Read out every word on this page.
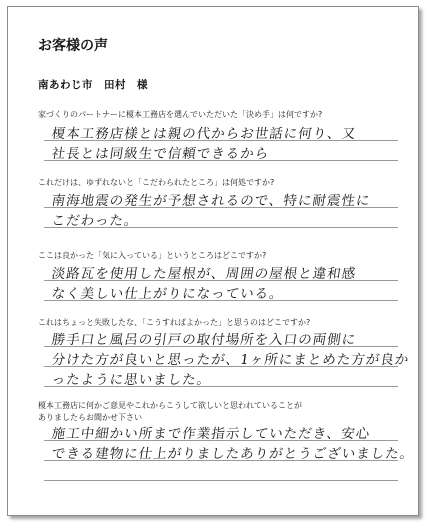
お客様の声
南あわじ市　田村　様
家づくりのパートナーに榎本工務店を選んでいただいた「決め手」は何ですか?
榎本工務店様とは親の代からお世話に何り、又
社長とは同級生で信頼できるから
これだけは、ゆずれないと「こだわられたところ」は何処ですか?
南海地震の発生が予想されるので、特に耐震性に
こだわった。
ここは良かった「気に入っている」というところはどこですか?
淡路瓦を使用した屋根が、周囲の屋根と違和感
なく美しい仕上がりになっている。
これはちょっと失敗したな、「こうすればよかった」と思うのはどこですか?
勝手口と風呂の引戸の取付場所を入口の両側に
分けた方が良いと思ったが、1ヶ所にまとめた方が良か
ったように思いました。
榎本工務店に何かご意見やこれからこうして欲しいと思われていることが
ありましたらお聞かせ下さい
施工中細かい所まで作業指示していただき、安心
できる建物に仕上がりましたありがとうございました。
